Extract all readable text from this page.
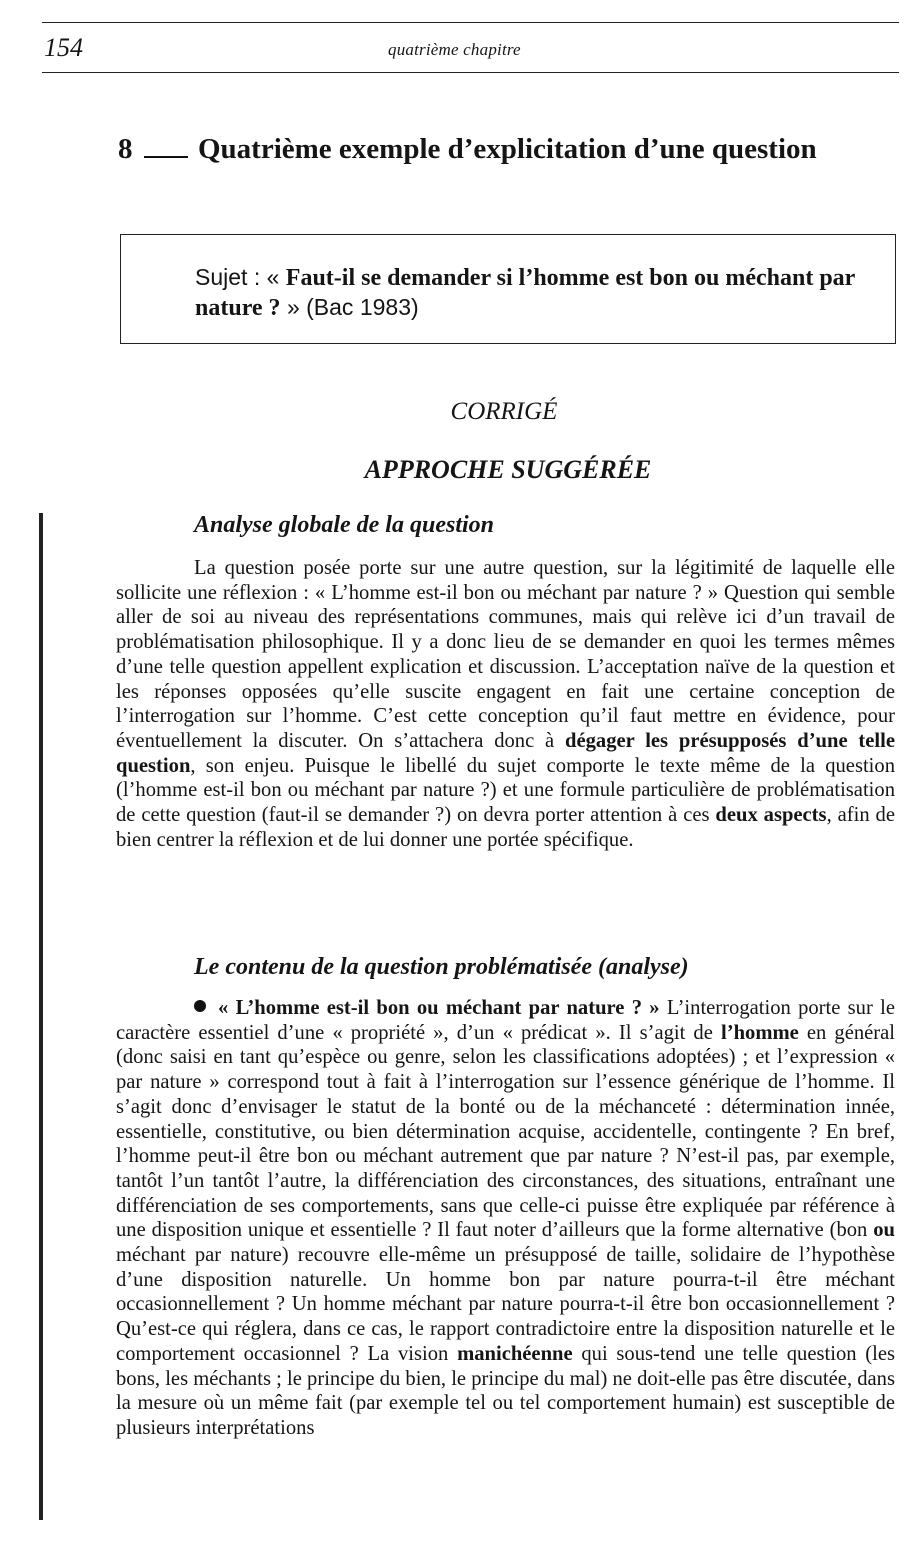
154	quatrième chapitre
8 Quatrième exemple d’explicitation d’une question
Sujet : « Faut-il se demander si l’homme est bon ou méchant par nature ? » (Bac 1983)
CORRIGÉ
APPROCHE SUGGÉRÉE
Analyse globale de la question
La question posée porte sur une autre question, sur la légitimité de laquelle elle sollicite une réflexion : « L’homme est-il bon ou méchant par nature ? » Question qui semble aller de soi au niveau des représentations communes, mais qui relève ici d’un travail de problématisation philosophique. Il y a donc lieu de se demander en quoi les termes mêmes d’une telle question appellent explication et discussion. L’acceptation naïve de la question et les réponses opposées qu’elle suscite engagent en fait une certaine conception de l’interrogation sur l’homme. C’est cette conception qu’il faut mettre en évidence, pour éventuellement la discuter. On s’attachera donc à dégager les présupposés d’une telle question, son enjeu. Puisque le libellé du sujet comporte le texte même de la question (l’homme est-il bon ou méchant par nature ?) et une formule particulière de problématisation de cette question (faut-il se demander ?) on devra porter attention à ces deux aspects, afin de bien centrer la réflexion et de lui donner une portée spécifique.
Le contenu de la question problématisée (analyse)
« L’homme est-il bon ou méchant par nature ? » L’interrogation porte sur le caractère essentiel d’une « propriété », d’un « prédicat ». Il s’agit de l’homme en général (donc saisi en tant qu’espèce ou genre, selon les classifications adoptées) ; et l’expression « par nature » correspond tout à fait à l’interrogation sur l’essence générique de l’homme. Il s’agit donc d’envisager le statut de la bonté ou de la méchanceté : détermination innée, essentielle, constitutive, ou bien détermination acquise, accidentelle, contingente ? En bref, l’homme peut-il être bon ou méchant autrement que par nature ? N’est-il pas, par exemple, tantôt l’un tantôt l’autre, la différenciation des circonstances, des situations, entraînant une différenciation de ses comportements, sans que celle-ci puisse être expliquée par référence à une disposition unique et essentielle ? Il faut noter d’ailleurs que la forme alternative (bon ou méchant par nature) recouvre elle-même un présupposé de taille, solidaire de l’hypothèse d’une disposition naturelle. Un homme bon par nature pourra-t-il être méchant occasionnellement ? Un homme méchant par nature pourra-t-il être bon occasionnellement ? Qu’est-ce qui réglera, dans ce cas, le rapport contradictoire entre la disposition naturelle et le comportement occasionnel ? La vision manichéenne qui sous-tend une telle question (les bons, les méchants ; le principe du bien, le principe du mal) ne doit-elle pas être discutée, dans la mesure où un même fait (par exemple tel ou tel comportement humain) est susceptible de plusieurs interprétations
